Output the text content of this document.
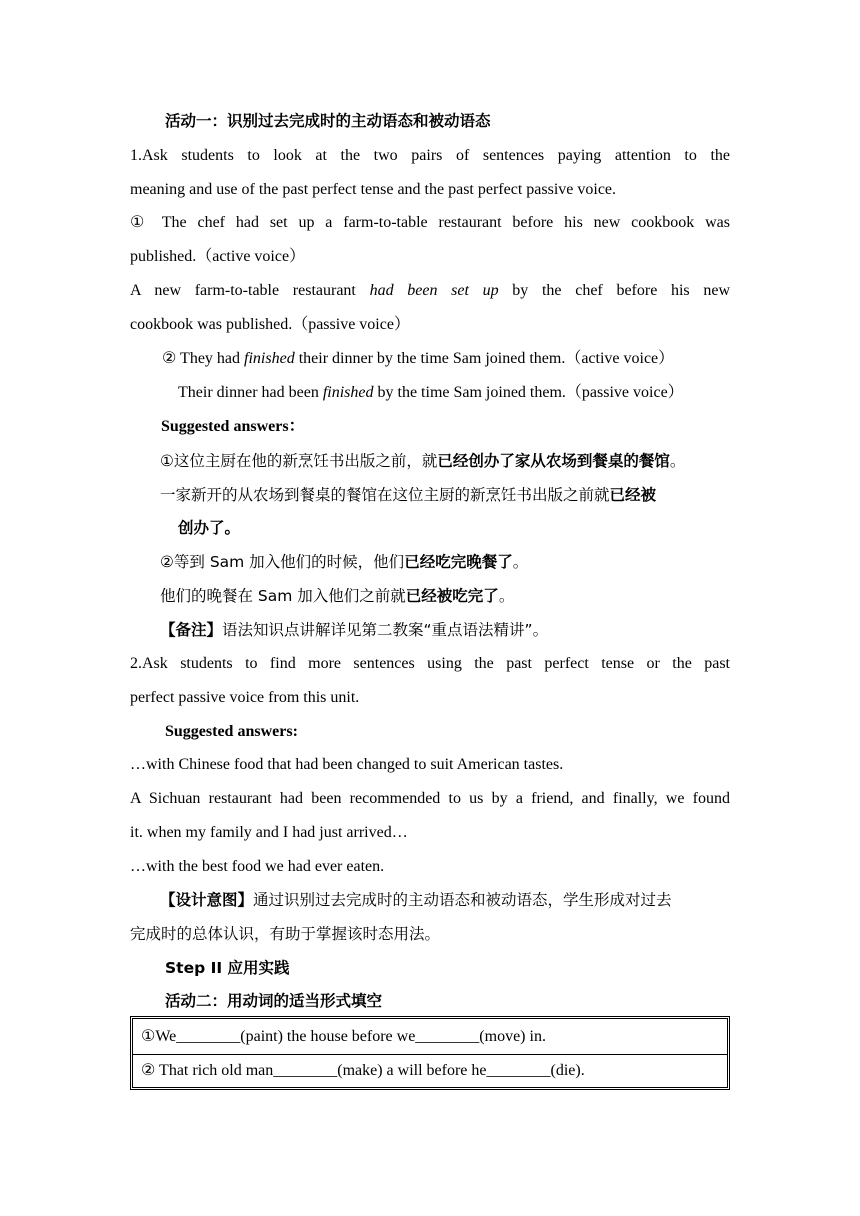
活动一：识别过去完成时的主动语态和被动语态
1.Ask students to look at the two pairs of sentences paying attention to the
meaning and use of the past perfect tense and the past perfect passive voice.
① The chef had set up a farm-to-table restaurant before his new cookbook was
published.（active voice）
A new farm-to-table restaurant had been set up by the chef before his new
cookbook was published.（passive voice）
② They had finished their dinner by the time Sam joined them.（active voice）
Their dinner had been finished by the time Sam joined them.（passive voice）
Suggested answers：
①这位主厨在他的新烹饪书出版之前，就已经创办了家从农场到餐桌的餐馆。
一家新开的从农场到餐桌的餐馆在这位主厨的新烹饪书出版之前就已经被
创办了。
②等到 Sam 加入他们的时候，他们已经吃完晚餐了。
他们的晚餐在 Sam 加入他们之前就已经被吃完了。
【备注】语法知识点讲解详见第二教案“重点语法精讲”。
2.Ask students to find more sentences using the past perfect tense or the past
perfect passive voice from this unit.
Suggested answers:
…with Chinese food that had been changed to suit American tastes.
A Sichuan restaurant had been recommended to us by a friend, and finally, we found
it. when my family and I had just arrived…
…with the best food we had ever eaten.
【设计意图】通过识别过去完成时的主动语态和被动语态，学生形成对过去
完成时的总体认识，有助于掌握该时态用法。
Step II 应用实践
活动二：用动词的适当形式填空
①We________(paint) the house before we________(move) in.
② That rich old man________(make) a will before he________(die).
